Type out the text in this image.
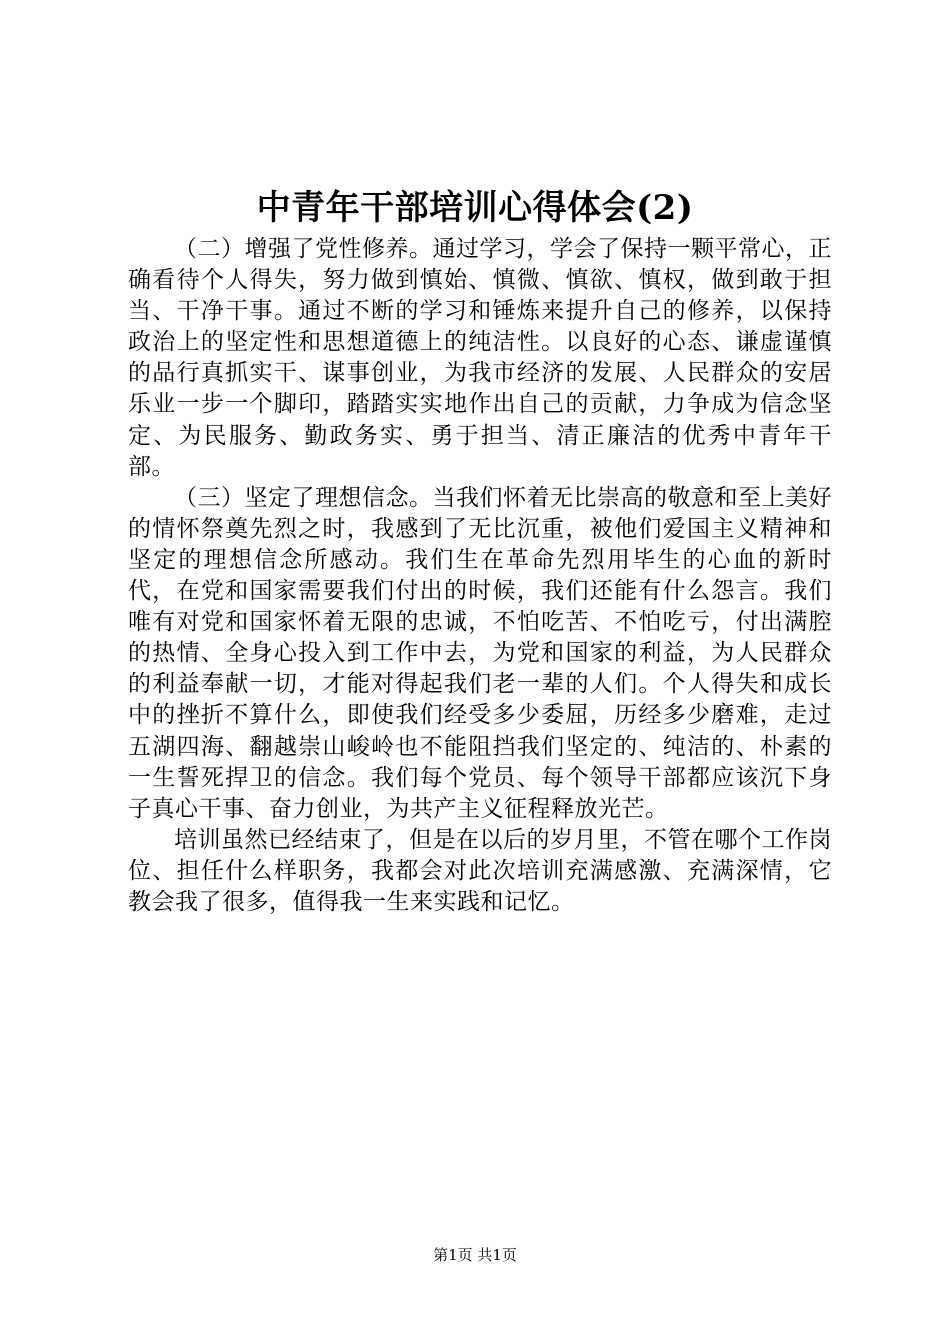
中青年干部培训心得体会(2)

（二）增强了党性修养。通过学习，学会了保持一颗平常心，正确看待个人得失，努力做到慎始、慎微、慎欲、慎权，做到敢于担当、干净干事。通过不断的学习和锤炼来提升自己的修养，以保持政治上的坚定性和思想道德上的纯洁性。以良好的心态、谦虚谨慎的品行真抓实干、谋事创业，为我市经济的发展、人民群众的安居乐业一步一个脚印，踏踏实实地作出自己的贡献，力争成为信念坚定、为民服务、勤政务实、勇于担当、清正廉洁的优秀中青年干部。

（三）坚定了理想信念。当我们怀着无比崇高的敬意和至上美好的情怀祭奠先烈之时，我感到了无比沉重，被他们爱国主义精神和坚定的理想信念所感动。我们生在革命先烈用毕生的心血的新时代，在党和国家需要我们付出的时候，我们还能有什么怨言。我们唯有对党和国家怀着无限的忠诚，不怕吃苦、不怕吃亏，付出满腔的热情、全身心投入到工作中去，为党和国家的利益，为人民群众的利益奉献一切，才能对得起我们老一辈的人们。个人得失和成长中的挫折不算什么，即使我们经受多少委屈，历经多少磨难，走过五湖四海、翻越崇山峻岭也不能阻挡我们坚定的、纯洁的、朴素的一生誓死捍卫的信念。我们每个党员、每个领导干部都应该沉下身子真心干事、奋力创业，为共产主义征程释放光芒。

培训虽然已经结束了，但是在以后的岁月里，不管在哪个工作岗位、担任什么样职务，我都会对此次培训充满感激、充满深情，它教会我了很多，值得我一生来实践和记忆。

第1页 共1页
